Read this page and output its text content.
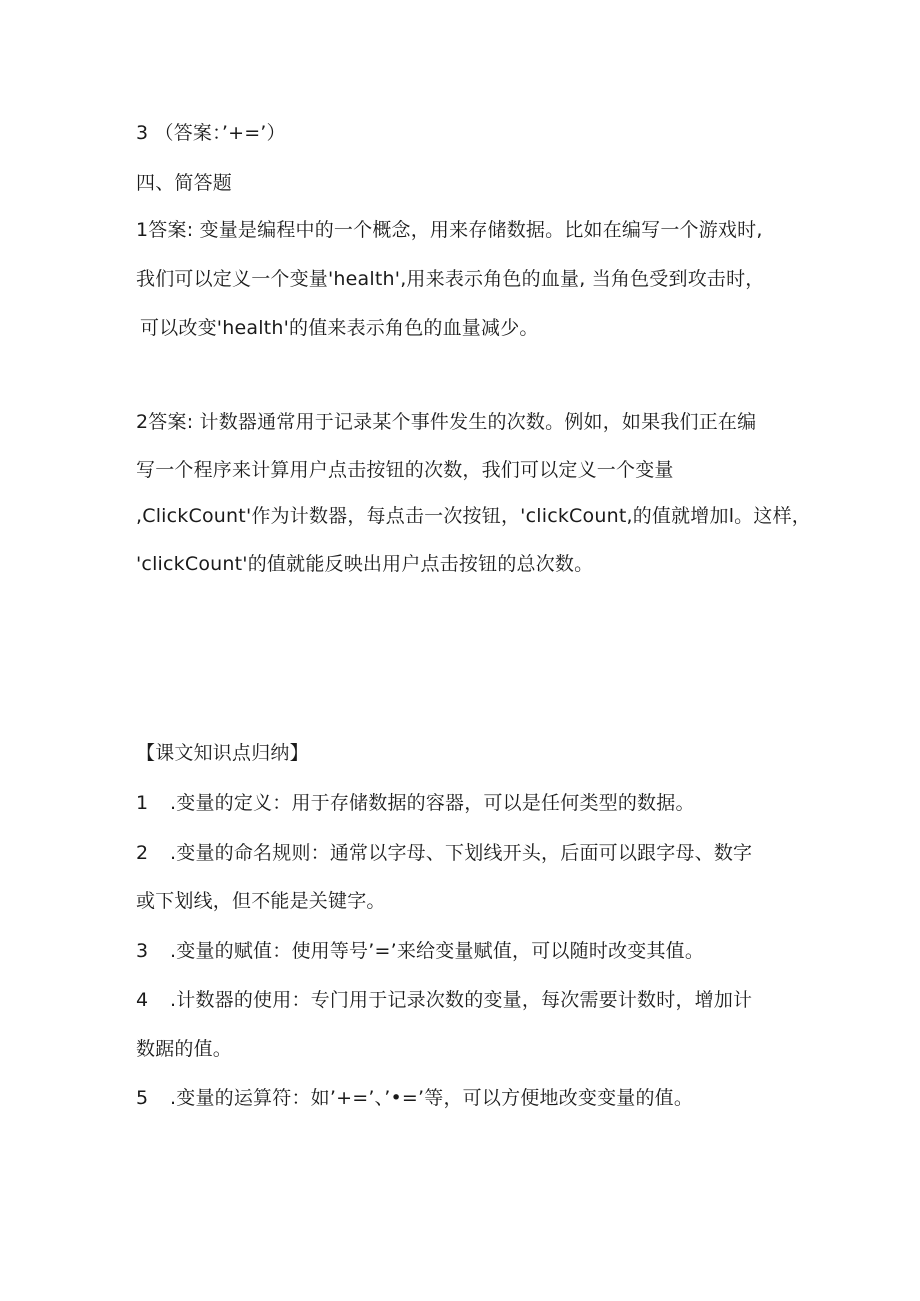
3 （答案：’+=’）
四、简答题
1答案: 变量是编程中的一个概念，用来存储数据。比如在编写一个游戏时,
我们可以定义一个变量'health',用来表示角色的血量, 当角色受到攻击时，
可以改变'health'的值来表示角色的血量减少。
2答案: 计数器通常用于记录某个事件发生的次数。例如，如果我们正在编
写一个程序来计算用户点击按钮的次数，我们可以定义一个变量
,ClickCount'作为计数器，每点击一次按钮，'clickCount,的值就增加l。这样，
'clickCount'的值就能反映出用户点击按钮的总次数。
【课文知识点归纳】
1 .变量的定义：用于存储数据的容器，可以是任何类型的数据。
2 .变量的命名规则：通常以字母、下划线开头，后面可以跟字母、数字
或下划线，但不能是关键字。
3 .变量的赋值：使用等号’=’来给变量赋值，可以随时改变其值。
4 .计数器的使用：专门用于记录次数的变量，每次需要计数时，增加计
数踞的值。
5 .变量的运算符：如’+=’、’•=’等，可以方便地改变变量的值。
